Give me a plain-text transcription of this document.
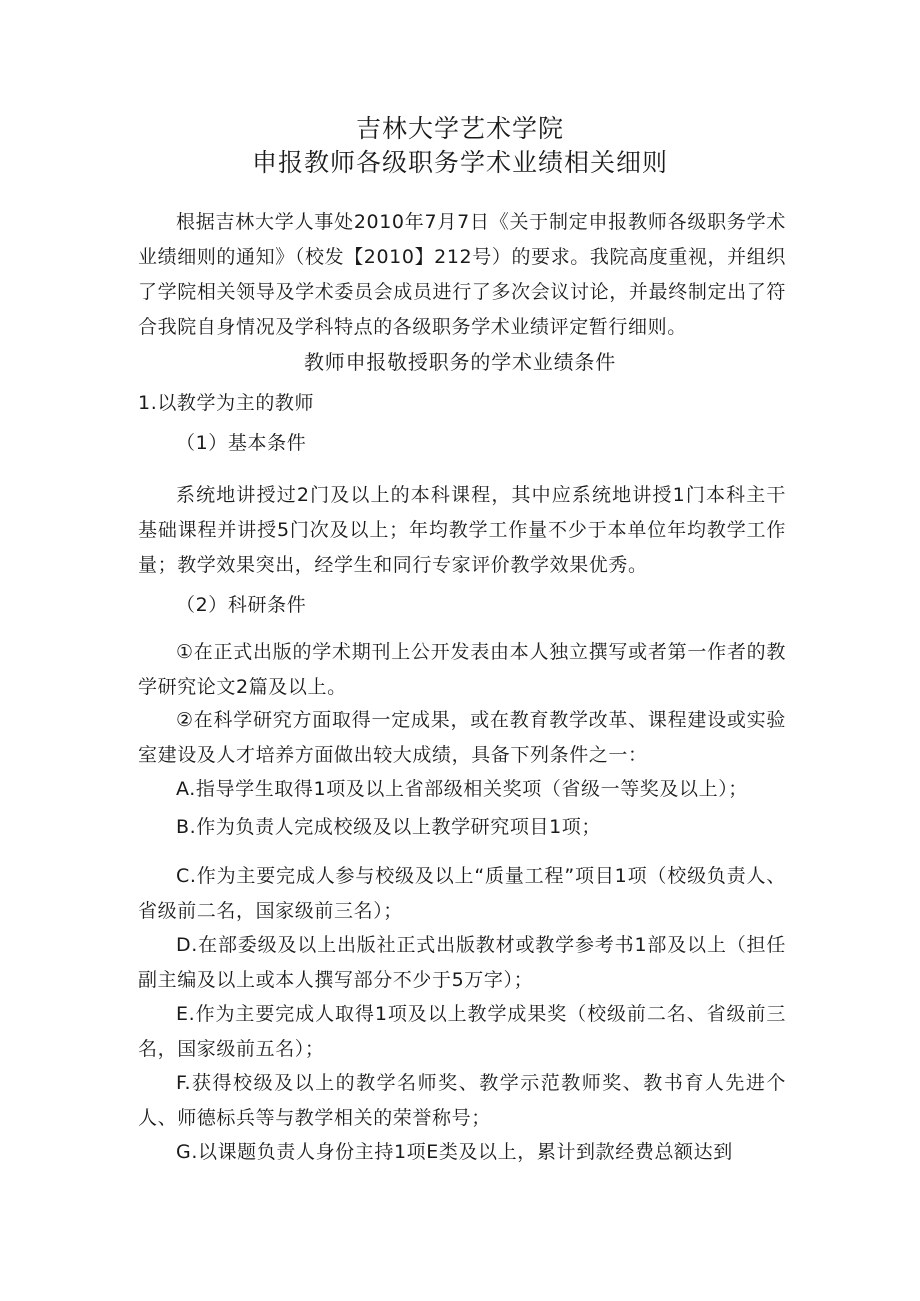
吉林大学艺术学院
申报教师各级职务学术业绩相关细则
根据吉林大学人事处2010年7月7日《关于制定申报教师各级职务学术业绩细则的通知》（校发【2010】212号）的要求。我院高度重视，并组织了学院相关领导及学术委员会成员进行了多次会议讨论，并最终制定出了符合我院自身情况及学科特点的各级职务学术业绩评定暂行细则。
教师申报敬授职务的学术业绩条件
1.以教学为主的教师
（1）基本条件
系统地讲授过2门及以上的本科课程，其中应系统地讲授1门本科主干基础课程并讲授5门次及以上；年均教学工作量不少于本单位年均教学工作量；教学效果突出，经学生和同行专家评价教学效果优秀。
（2）科研条件
①在正式出版的学术期刊上公开发表由本人独立撰写或者第一作者的教学研究论文2篇及以上。
②在科学研究方面取得一定成果，或在教育教学改革、课程建设或实验室建设及人才培养方面做出较大成绩，具备下列条件之一：
A.指导学生取得1项及以上省部级相关奖项（省级一等奖及以上）；
B.作为负责人完成校级及以上教学研究项目1项；
C.作为主要完成人参与校级及以上“质量工程”项目1项（校级负责人、省级前二名，国家级前三名）；
D.在部委级及以上出版社正式出版教材或教学参考书1部及以上（担任副主编及以上或本人撰写部分不少于5万字）；
E.作为主要完成人取得1项及以上教学成果奖（校级前二名、省级前三名，国家级前五名）；
F.获得校级及以上的教学名师奖、教学示范教师奖、教书育人先进个人、师德标兵等与教学相关的荣誉称号；
G.以课题负责人身份主持1项E类及以上，累计到款经费总额达到
